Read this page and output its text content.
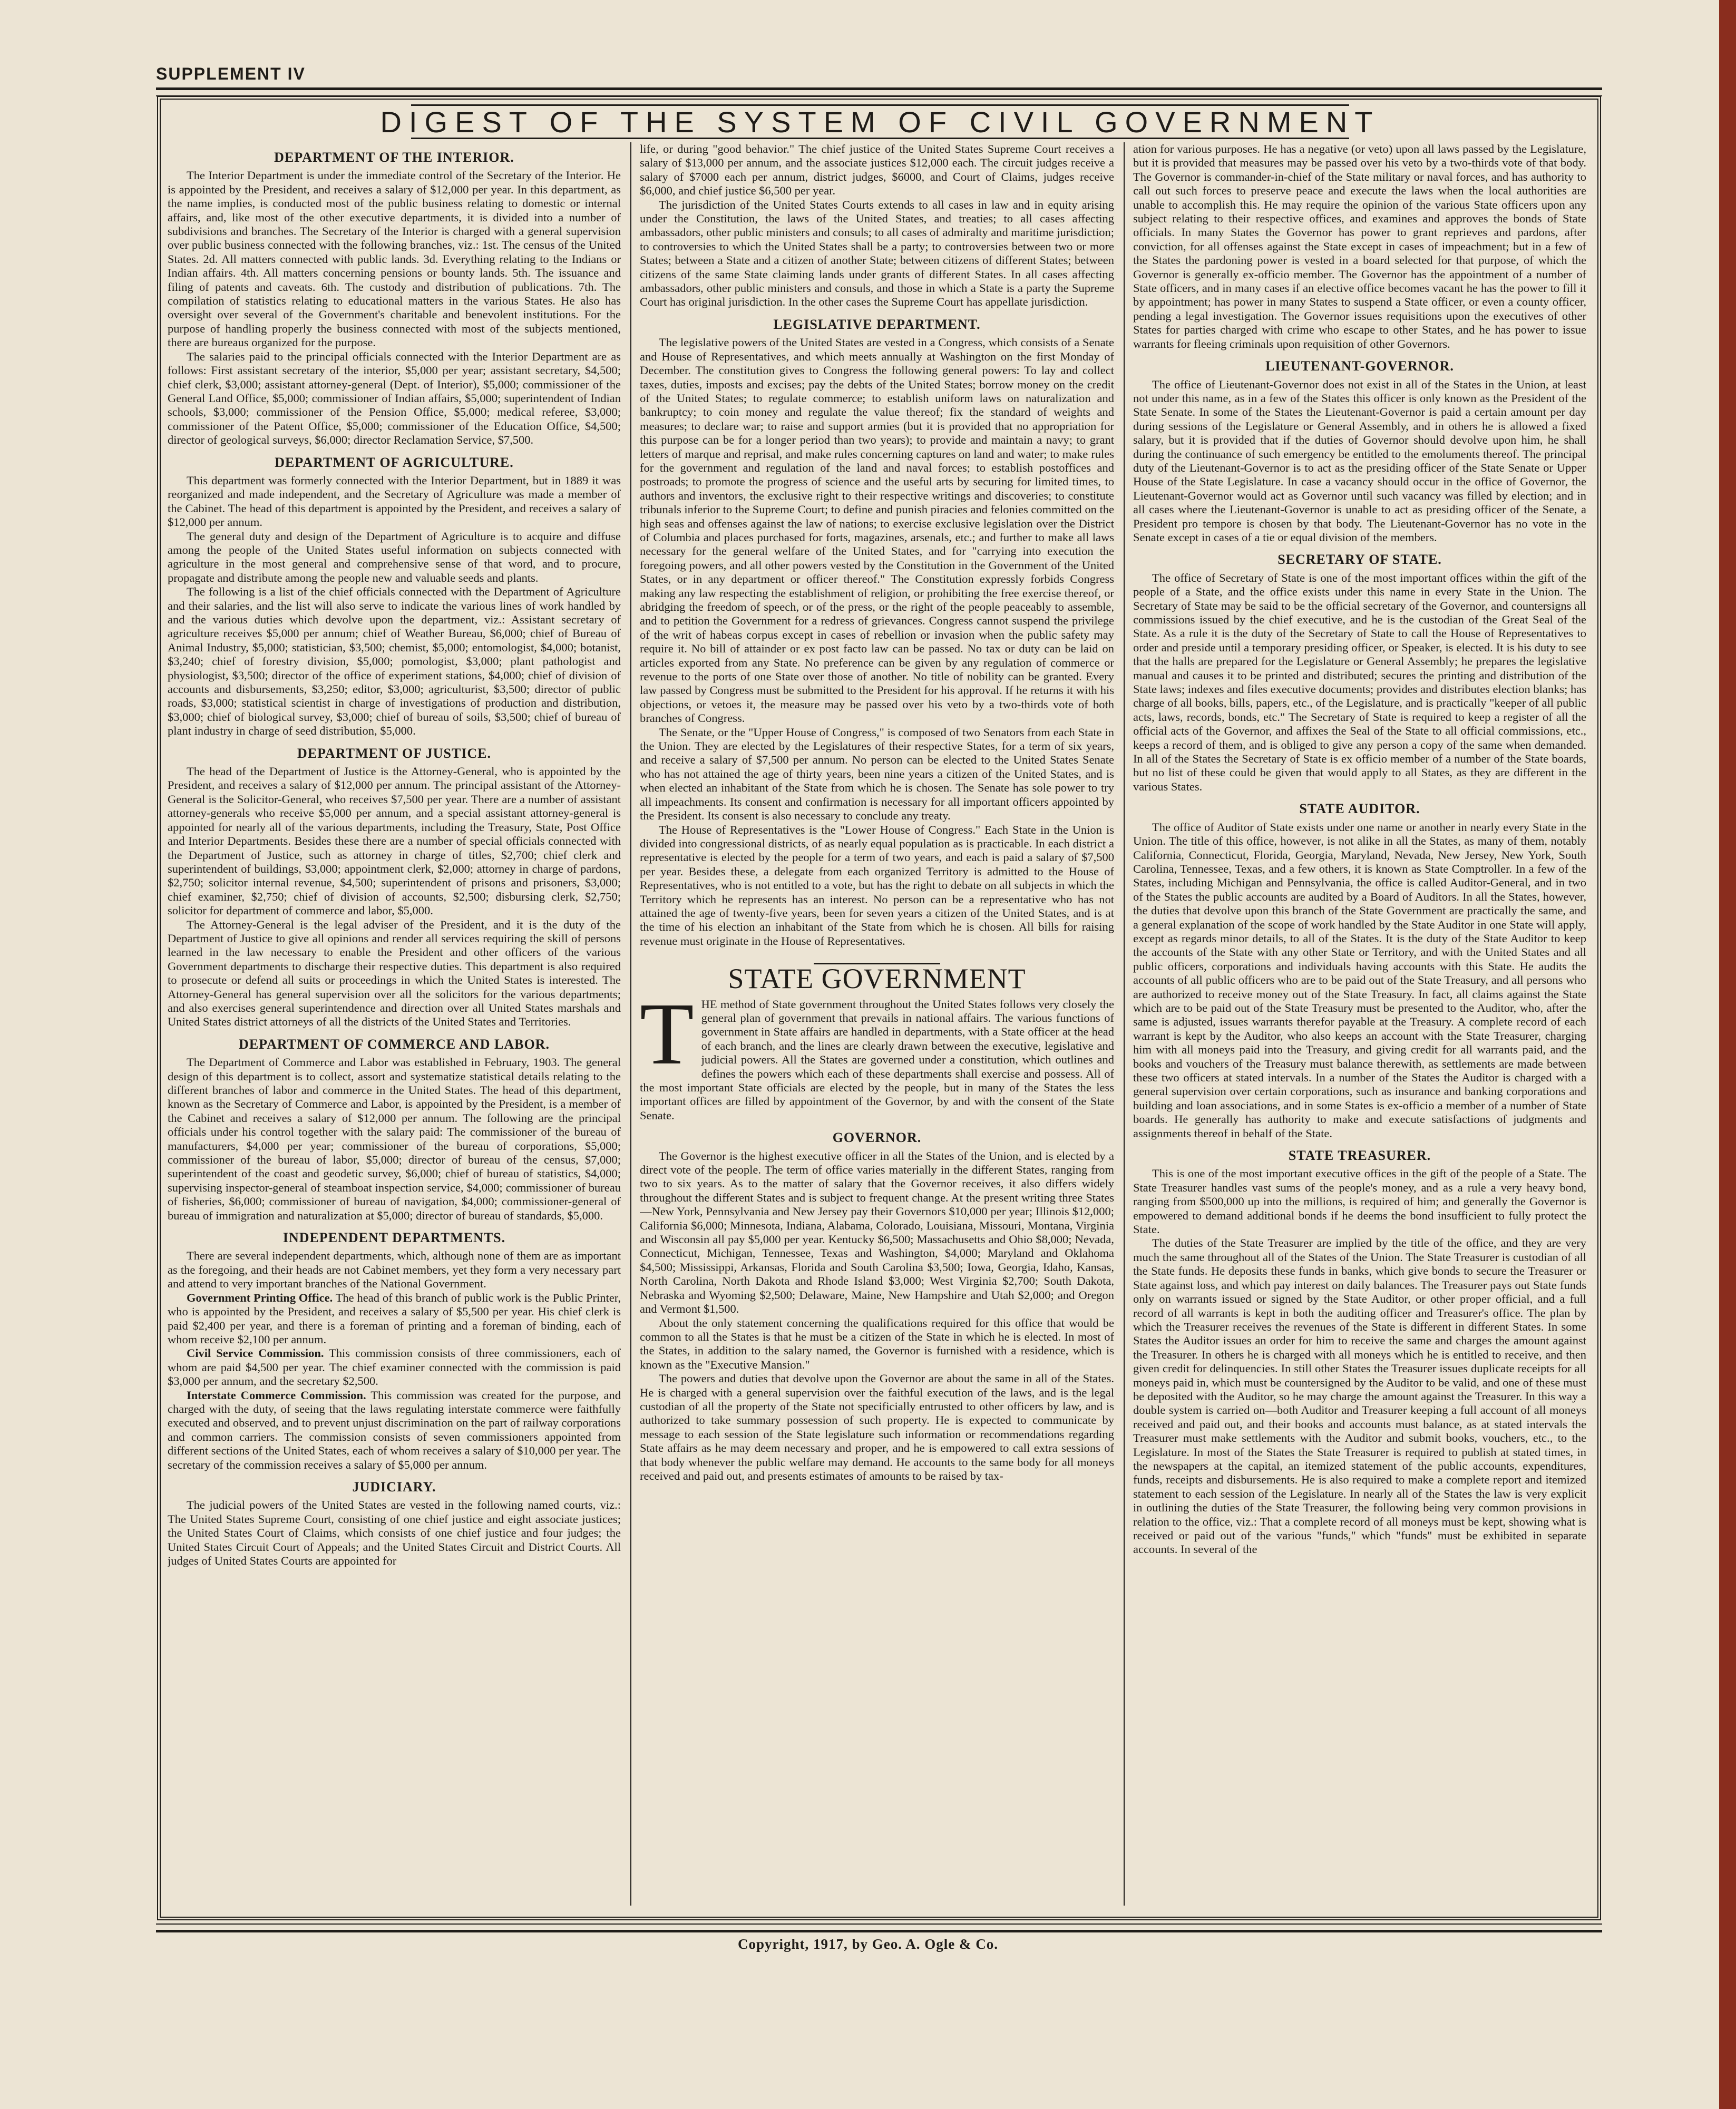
SUPPLEMENT IV
DIGEST OF THE SYSTEM OF CIVIL GOVERNMENT
DEPARTMENT OF THE INTERIOR.

The Interior Department is under the immediate control of the Secretary of the Interior. He is appointed by the President, and receives a salary of $12,000 per year. In this department, as the name implies, is conducted most of the public business relating to domestic or internal affairs, and, like most of the other executive departments, it is divided into a number of subdivisions and branches. The Secretary of the Interior is charged with a general supervision over public business connected with the following branches, viz.: 1st. The census of the United States. 2d. All matters connected with public lands. 3d. Everything relating to the Indians or Indian affairs. 4th. All matters concerning pensions or bounty lands. 5th. The issuance and filing of patents and caveats. 6th. The custody and distribution of publications. 7th. The compilation of statistics relating to educational matters in the various States. He also has oversight over several of the Government's charitable and benevolent institutions. For the purpose of handling properly the business connected with most of the subjects mentioned, there are bureaus organized for the purpose.

The salaries paid to the principal officials connected with the Interior Department are as follows: First assistant secretary of the interior, $5,000 per year; assistant secretary, $4,500; chief clerk, $3,000; assistant attorney-general (Dept. of Interior), $5,000; commissioner of the General Land Office, $5,000; commissioner of Indian affairs, $5,000; superintendent of Indian schools, $3,000; commissioner of the Pension Office, $5,000; medical referee, $3,000; commissioner of the Patent Office, $5,000; commissioner of the Education Office, $4,500; director of geological surveys, $6,000; director Reclamation Service, $7,500.

DEPARTMENT OF AGRICULTURE.

This department was formerly connected with the Interior Department, but in 1889 it was reorganized and made independent, and the Secretary of Agriculture was made a member of the Cabinet. The head of this department is appointed by the President, and receives a salary of $12,000 per annum.

The general duty and design of the Department of Agriculture is to acquire and diffuse among the people of the United States useful information on subjects connected with agriculture in the most general and comprehensive sense of that word, and to procure, propagate and distribute among the people new and valuable seeds and plants.

The following is a list of the chief officials connected with the Department of Agriculture and their salaries, and the list will also serve to indicate the various lines of work handled by and the various duties which devolve upon the department, viz.: Assistant secretary of agriculture receives $5,000 per annum; chief of Weather Bureau, $6,000; chief of Bureau of Animal Industry, $5,000; statistician, $3,500; chemist, $5,000; entomologist, $4,000; botanist, $3,240; chief of forestry division, $5,000; pomologist, $3,000; plant pathologist and physiologist, $3,500; director of the office of experiment stations, $4,000; chief of division of accounts and disbursements, $3,250; editor, $3,000; agriculturist, $3,500; director of public roads, $3,000; statistical scientist in charge of investigations of production and distribution, $3,000; chief of biological survey, $3,000; chief of bureau of soils, $3,500; chief of bureau of plant industry in charge of seed distribution, $5,000.

DEPARTMENT OF JUSTICE.

The head of the Department of Justice is the Attorney-General, who is appointed by the President, and receives a salary of $12,000 per annum. The principal assistant of the Attorney-General is the Solicitor-General, who receives $7,500 per year. There are a number of assistant attorney-generals who receive $5,000 per annum, and a special assistant attorney-general is appointed for nearly all of the various departments, including the Treasury, State, Post Office and Interior Departments. Besides these there are a number of special officials connected with the Department of Justice, such as attorney in charge of titles, $2,700; chief clerk and superintendent of buildings, $3,000; appointment clerk, $2,000; attorney in charge of pardons, $2,750; solicitor internal revenue, $4,500; superintendent of prisons and prisoners, $3,000; chief examiner, $2,750; chief of division of accounts, $2,500; disbursing clerk, $2,750; solicitor for department of commerce and labor, $5,000.

The Attorney-General is the legal adviser of the President, and it is the duty of the Department of Justice to give all opinions and render all services requiring the skill of persons learned in the law necessary to enable the President and other officers of the various Government departments to discharge their respective duties. This department is also required to prosecute or defend all suits or proceedings in which the United States is interested. The Attorney-General has general supervision over all the solicitors for the various departments; and also exercises general superintendence and direction over all United States marshals and United States district attorneys of all the districts of the United States and Territories.

DEPARTMENT OF COMMERCE AND LABOR.

The Department of Commerce and Labor was established in February, 1903. The general design of this department is to collect, assort and systematize statistical details relating to the different branches of labor and commerce in the United States. The head of this department, known as the Secretary of Commerce and Labor, is appointed by the President, is a member of the Cabinet and receives a salary of $12,000 per annum. The following are the principal officials under his control together with the salary paid: The commissioner of the bureau of manufacturers, $4,000 per year; commissioner of the bureau of corporations, $5,000; commissioner of the bureau of labor, $5,000; director of bureau of the census, $7,000; superintendent of the coast and geodetic survey, $6,000; chief of bureau of statistics, $4,000; supervising inspector-general of steamboat inspection service, $4,000; commissioner of bureau of fisheries, $6,000; commissioner of bureau of navigation, $4,000; commissioner-general of bureau of immigration and naturalization at $5,000; director of bureau of standards, $5,000.

INDEPENDENT DEPARTMENTS.

There are several independent departments, which, although none of them are as important as the foregoing, and their heads are not Cabinet members, yet they form a very necessary part and attend to very important branches of the National Government.

Government Printing Office. The head of this branch of public work is the Public Printer, who is appointed by the President, and receives a salary of $5,500 per year. His chief clerk is paid $2,400 per year, and there is a foreman of printing and a foreman of binding, each of whom receive $2,100 per annum.

Civil Service Commission. This commission consists of three commissioners, each of whom are paid $4,500 per year. The chief examiner connected with the commission is paid $3,000 per annum, and the secretary $2,500.

Interstate Commerce Commission. This commission was created for the purpose, and charged with the duty, of seeing that the laws regulating interstate commerce were faithfully executed and observed, and to prevent unjust discrimination on the part of railway corporations and common carriers. The commission consists of seven commissioners appointed from different sections of the United States, each of whom receives a salary of $10,000 per year. The secretary of the commission receives a salary of $5,000 per annum.

JUDICIARY.

The judicial powers of the United States are vested in the following named courts, viz.: The United States Supreme Court, consisting of one chief justice and eight associate justices; the United States Court of Claims, which consists of one chief justice and four judges; the United States Circuit Court of Appeals; and the United States Circuit and District Courts. All judges of United States Courts are appointed for

life, or during "good behavior." The chief justice of the United States Supreme Court receives a salary of $13,000 per annum, and the associate justices $12,000 each. The circuit judges receive a salary of $7000 each per annum, district judges, $6000, and Court of Claims, judges receive $6,000, and chief justice $6,500 per year.

The jurisdiction of the United States Courts extends to all cases in law and in equity arising under the Constitution, the laws of the United States, and treaties; to all cases affecting ambassadors, other public ministers and consuls; to all cases of admiralty and maritime jurisdiction; to controversies to which the United States shall be a party; to controversies between two or more States; between a State and a citizen of another State; between citizens of different States; between citizens of the same State claiming lands under grants of different States. In all cases affecting ambassadors, other public ministers and consuls, and those in which a State is a party the Supreme Court has original jurisdiction. In the other cases the Supreme Court has appellate jurisdiction.

LEGISLATIVE DEPARTMENT.

The legislative powers of the United States are vested in a Congress, which consists of a Senate and House of Representatives, and which meets annually at Washington on the first Monday of December. The constitution gives to Congress the following general powers: To lay and collect taxes, duties, imposts and excises; pay the debts of the United States; borrow money on the credit of the United States; to regulate commerce; to establish uniform laws on naturalization and bankruptcy; to coin money and regulate the value thereof; fix the standard of weights and measures; to declare war; to raise and support armies (but it is provided that no appropriation for this purpose can be for a longer period than two years); to provide and maintain a navy; to grant letters of marque and reprisal, and make rules concerning captures on land and water; to make rules for the government and regulation of the land and naval forces; to establish postoffices and postroads; to promote the progress of science and the useful arts by securing for limited times, to authors and inventors, the exclusive right to their respective writings and discoveries; to constitute tribunals inferior to the Supreme Court; to define and punish piracies and felonies committed on the high seas and offenses against the law of nations; to exercise exclusive legislation over the District of Columbia and places purchased for forts, magazines, arsenals, etc.; and further to make all laws necessary for the general welfare of the United States, and for "carrying into execution the foregoing powers, and all other powers vested by the Constitution in the Government of the United States, or in any department or officer thereof." The Constitution expressly forbids Congress making any law respecting the establishment of religion, or prohibiting the free exercise thereof, or abridging the freedom of speech, or of the press, or the right of the people peaceably to assemble, and to petition the Government for a redress of grievances. Congress cannot suspend the privilege of the writ of habeas corpus except in cases of rebellion or invasion when the public safety may require it. No bill of attainder or ex post facto law can be passed. No tax or duty can be laid on articles exported from any State. No preference can be given by any regulation of commerce or revenue to the ports of one State over those of another. No title of nobility can be granted. Every law passed by Congress must be submitted to the President for his approval. If he returns it with his objections, or vetoes it, the measure may be passed over his veto by a two-thirds vote of both branches of Congress.

The Senate, or the "Upper House of Congress," is composed of two Senators from each State in the Union. They are elected by the Legislatures of their respective States, for a term of six years, and receive a salary of $7,500 per annum. No person can be elected to the United States Senate who has not attained the age of thirty years, been nine years a citizen of the United States, and is when elected an inhabitant of the State from which he is chosen. The Senate has sole power to try all impeachments. Its consent and confirmation is necessary for all important officers appointed by the President. Its consent is also necessary to conclude any treaty.

The House of Representatives is the "Lower House of Congress." Each State in the Union is divided into congressional districts, of as nearly equal population as is practicable. In each district a representative is elected by the people for a term of two years, and each is paid a salary of $7,500 per year. Besides these, a delegate from each organized Territory is admitted to the House of Representatives, who is not entitled to a vote, but has the right to debate on all subjects in which the Territory which he represents has an interest. No person can be a representative who has not attained the age of twenty-five years, been for seven years a citizen of the United States, and is at the time of his election an inhabitant of the State from which he is chosen. All bills for raising revenue must originate in the House of Representatives.

STATE GOVERNMENT

THE method of State government throughout the United States follows very closely the general plan of government that prevails in national affairs. The various functions of government in State affairs are handled in departments, with a State officer at the head of each branch, and the lines are clearly drawn between the executive, legislative and judicial powers. All the States are governed under a constitution, which outlines and defines the powers which each of these departments shall exercise and possess. All of the most important State officials are elected by the people, but in many of the States the less important offices are filled by appointment of the Governor, by and with the consent of the State Senate.

GOVERNOR.

The Governor is the highest executive officer in all the States of the Union, and is elected by a direct vote of the people. The term of office varies materially in the different States, ranging from two to six years. As to the matter of salary that the Governor receives, it also differs widely throughout the different States and is subject to frequent change. At the present writing three States—New York, Pennsylvania and New Jersey pay their Governors $10,000 per year; Illinois $12,000; California $6,000; Minnesota, Indiana, Alabama, Colorado, Louisiana, Missouri, Montana, Virginia and Wisconsin all pay $5,000 per year. Kentucky $6,500; Massachusetts and Ohio $8,000; Nevada, Connecticut, Michigan, Tennessee, Texas and Washington, $4,000; Maryland and Oklahoma $4,500; Mississippi, Arkansas, Florida and South Carolina $3,500; Iowa, Georgia, Idaho, Kansas, North Carolina, North Dakota and Rhode Island $3,000; West Virginia $2,700; South Dakota, Nebraska and Wyoming $2,500; Delaware, Maine, New Hampshire and Utah $2,000; and Oregon and Vermont $1,500.

About the only statement concerning the qualifications required for this office that would be common to all the States is that he must be a citizen of the State in which he is elected. In most of the States, in addition to the salary named, the Governor is furnished with a residence, which is known as the "Executive Mansion."

The powers and duties that devolve upon the Governor are about the same in all of the States. He is charged with a general supervision over the faithful execution of the laws, and is the legal custodian of all the property of the State not specificially entrusted to other officers by law, and is authorized to take summary possession of such property. He is expected to communicate by message to each session of the State legislature such information or recommendations regarding State affairs as he may deem necessary and proper, and he is empowered to call extra sessions of that body whenever the public welfare may demand. He accounts to the same body for all moneys received and paid out, and presents estimates of amounts to be raised by tax-

ation for various purposes. He has a negative (or veto) upon all laws passed by the Legislature, but it is provided that measures may be passed over his veto by a two-thirds vote of that body. The Governor is commander-in-chief of the State military or naval forces, and has authority to call out such forces to preserve peace and execute the laws when the local authorities are unable to accomplish this. He may require the opinion of the various State officers upon any subject relating to their respective offices, and examines and approves the bonds of State officials. In many States the Governor has power to grant reprieves and pardons, after conviction, for all offenses against the State except in cases of impeachment; but in a few of the States the pardoning power is vested in a board selected for that purpose, of which the Governor is generally ex-officio member. The Governor has the appointment of a number of State officers, and in many cases if an elective office becomes vacant he has the power to fill it by appointment; has power in many States to suspend a State officer, or even a county officer, pending a legal investigation. The Governor issues requisitions upon the executives of other States for parties charged with crime who escape to other States, and he has power to issue warrants for fleeing criminals upon requisition of other Governors.

LIEUTENANT-GOVERNOR.

The office of Lieutenant-Governor does not exist in all of the States in the Union, at least not under this name, as in a few of the States this officer is only known as the President of the State Senate. In some of the States the Lieutenant-Governor is paid a certain amount per day during sessions of the Legislature or General Assembly, and in others he is allowed a fixed salary, but it is provided that if the duties of Governor should devolve upon him, he shall during the continuance of such emergency be entitled to the emoluments thereof. The principal duty of the Lieutenant-Governor is to act as the presiding officer of the State Senate or Upper House of the State Legislature. In case a vacancy should occur in the office of Governor, the Lieutenant-Governor would act as Governor until such vacancy was filled by election; and in all cases where the Lieutenant-Governor is unable to act as presiding officer of the Senate, a President pro tempore is chosen by that body. The Lieutenant-Governor has no vote in the Senate except in cases of a tie or equal division of the members.

SECRETARY OF STATE.

The office of Secretary of State is one of the most important offices within the gift of the people of a State, and the office exists under this name in every State in the Union. The Secretary of State may be said to be the official secretary of the Governor, and countersigns all commissions issued by the chief executive, and he is the custodian of the Great Seal of the State. As a rule it is the duty of the Secretary of State to call the House of Representatives to order and preside until a temporary presiding officer, or Speaker, is elected. It is his duty to see that the halls are prepared for the Legislature or General Assembly; he prepares the legislative manual and causes it to be printed and distributed; secures the printing and distribution of the State laws; indexes and files executive documents; provides and distributes election blanks; has charge of all books, bills, papers, etc., of the Legislature, and is practically "keeper of all public acts, laws, records, bonds, etc." The Secretary of State is required to keep a register of all the official acts of the Governor, and affixes the Seal of the State to all official commissions, etc., keeps a record of them, and is obliged to give any person a copy of the same when demanded. In all of the States the Secretary of State is ex officio member of a number of the State boards, but no list of these could be given that would apply to all States, as they are different in the various States.

STATE AUDITOR.

The office of Auditor of State exists under one name or another in nearly every State in the Union. The title of this office, however, is not alike in all the States, as many of them, notably California, Connecticut, Florida, Georgia, Maryland, Nevada, New Jersey, New York, South Carolina, Tennessee, Texas, and a few others, it is known as State Comptroller. In a few of the States, including Michigan and Pennsylvania, the office is called Auditor-General, and in two of the States the public accounts are audited by a Board of Auditors. In all the States, however, the duties that devolve upon this branch of the State Government are practically the same, and a general explanation of the scope of work handled by the State Auditor in one State will apply, except as regards minor details, to all of the States. It is the duty of the State Auditor to keep the accounts of the State with any other State or Territory, and with the United States and all public officers, corporations and individuals having accounts with this State. He audits the accounts of all public officers who are to be paid out of the State Treasury, and all persons who are authorized to receive money out of the State Treasury. In fact, all claims against the State which are to be paid out of the State Treasury must be presented to the Auditor, who, after the same is adjusted, issues warrants therefor payable at the Treasury. A complete record of each warrant is kept by the Auditor, who also keeps an account with the State Treasurer, charging him with all moneys paid into the Treasury, and giving credit for all warrants paid, and the books and vouchers of the Treasury must balance therewith, as settlements are made between these two officers at stated intervals. In a number of the States the Auditor is charged with a general supervision over certain corporations, such as insurance and banking corporations and building and loan associations, and in some States is ex-officio a member of a number of State boards. He generally has authority to make and execute satisfactions of judgments and assignments thereof in behalf of the State.

STATE TREASURER.

This is one of the most important executive offices in the gift of the people of a State. The State Treasurer handles vast sums of the people's money, and as a rule a very heavy bond, ranging from $500,000 up into the millions, is required of him; and generally the Governor is empowered to demand additional bonds if he deems the bond insufficient to fully protect the State.

The duties of the State Treasurer are implied by the title of the office, and they are very much the same throughout all of the States of the Union. The State Treasurer is custodian of all the State funds. He deposits these funds in banks, which give bonds to secure the Treasurer or State against loss, and which pay interest on daily balances. The Treasurer pays out State funds only on warrants issued or signed by the State Auditor, or other proper official, and a full record of all warrants is kept in both the auditing officer and Treasurer's office. The plan by which the Treasurer receives the revenues of the State is different in different States. In some States the Auditor issues an order for him to receive the same and charges the amount against the Treasurer. In others he is charged with all moneys which he is entitled to receive, and then given credit for delinquencies. In still other States the Treasurer issues duplicate receipts for all moneys paid in, which must be countersigned by the Auditor to be valid, and one of these must be deposited with the Auditor, so he may charge the amount against the Treasurer. In this way a double system is carried on—both Auditor and Treasurer keeping a full account of all moneys received and paid out, and their books and accounts must balance, as at stated intervals the Treasurer must make settlements with the Auditor and submit books, vouchers, etc., to the Legislature. In most of the States the State Treasurer is required to publish at stated times, in the newspapers at the capital, an itemized statement of the public accounts, expenditures, funds, receipts and disbursements. He is also required to make a complete report and itemized statement to each session of the Legislature. In nearly all of the States the law is very explicit in outlining the duties of the State Treasurer, the following being very common provisions in relation to the office, viz.: That a complete record of all moneys must be kept, showing what is received or paid out of the various "funds," which "funds" must be exhibited in separate accounts. In several of the

Copyright, 1917, by Geo. A. Ogle & Co.
